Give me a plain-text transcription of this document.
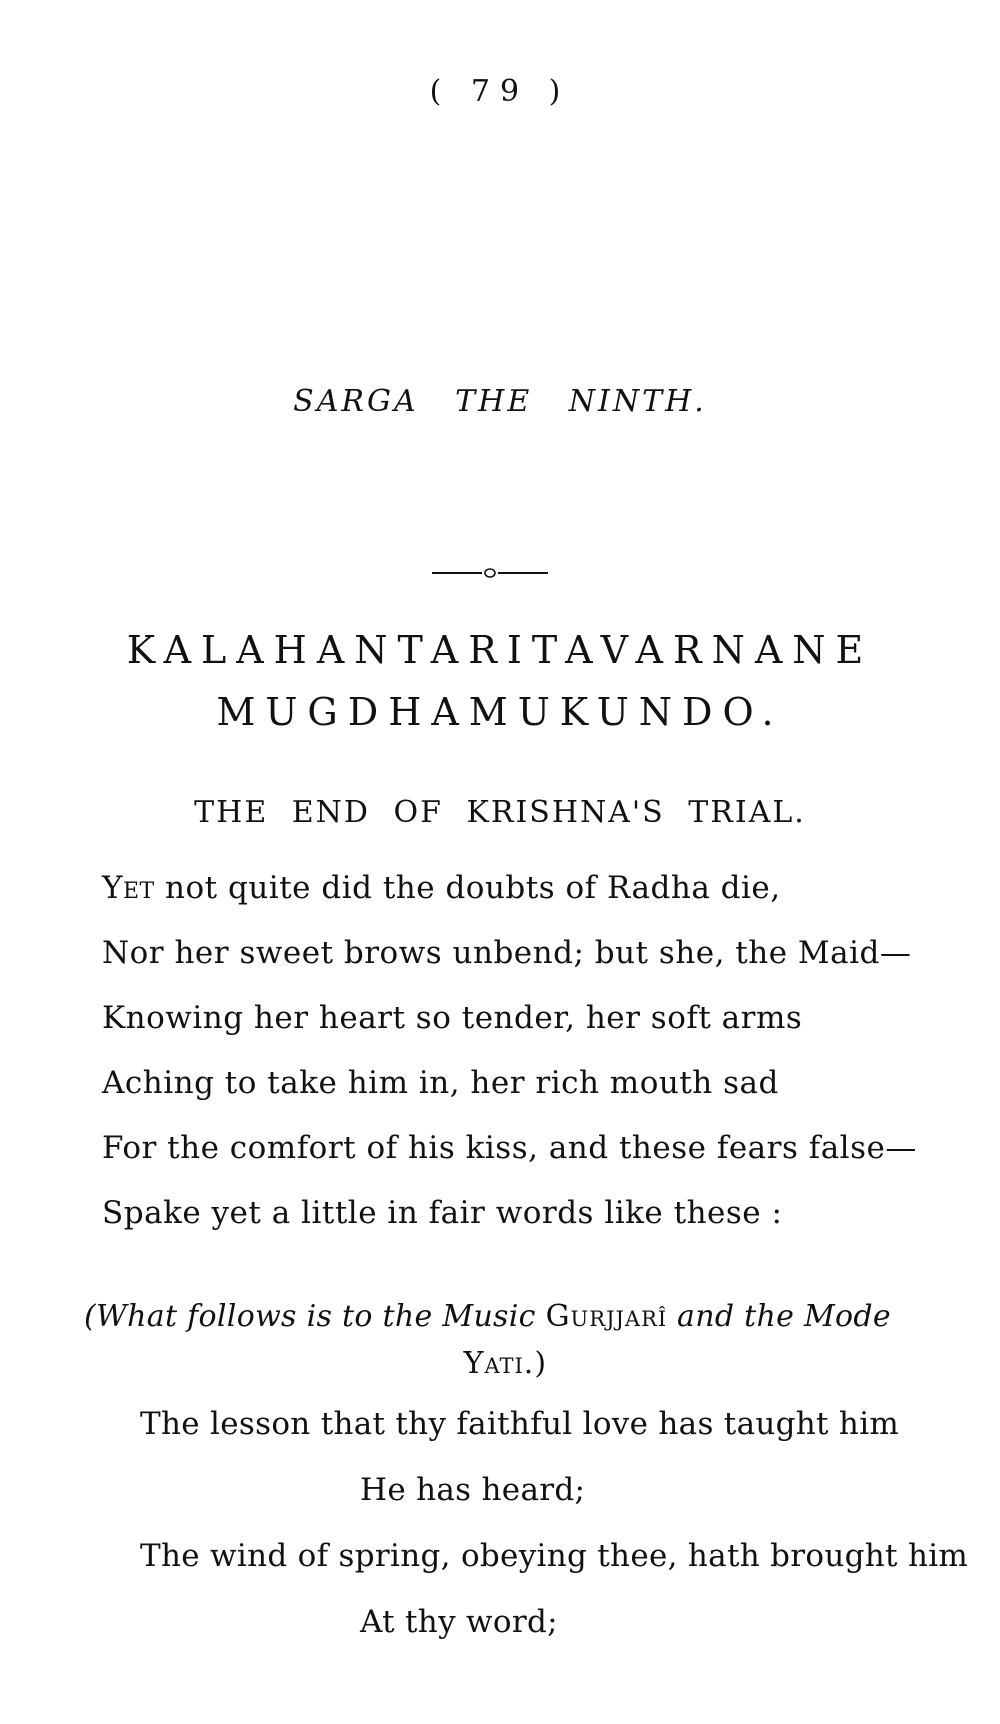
( 79 )
SARGA THE NINTH.
KALAHANTARITAVARNANE
MUGDHAMUKUNDO.
THE END OF KRISHNA'S TRIAL.
Yet not quite did the doubts of Radha die,
Nor her sweet brows unbend; but she, the Maid—
Knowing her heart so tender, her soft arms
Aching to take him in, her rich mouth sad
For the comfort of his kiss, and these fears false—
Spake yet a little in fair words like these :
(What follows is to the Music Gurjjarî and the Mode
Yati.)
The lesson that thy faithful love has taught him
He has heard;
The wind of spring, obeying thee, hath brought him
At thy word;
